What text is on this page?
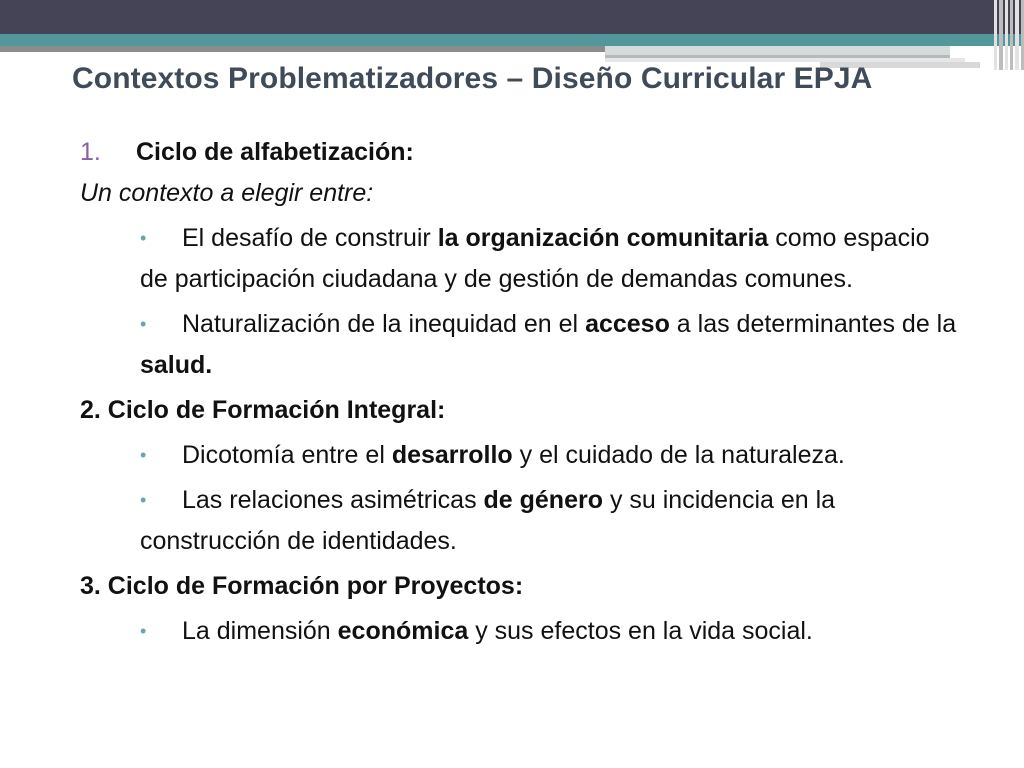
Contextos Problematizadores – Diseño Curricular EPJA

1. Ciclo de alfabetización:

Un contexto a elegir entre:

•	El desafío de construir la organización comunitaria como espacio de participación ciudadana y de gestión de demandas comunes.
•	Naturalización de la inequidad en el acceso a las determinantes de la salud.

2. Ciclo de Formación Integral:

•	Dicotomía entre el desarrollo y el cuidado de la naturaleza.
•	Las relaciones asimétricas de género y su incidencia en la construcción de identidades.

3. Ciclo de Formación por Proyectos:

•	La dimensión económica y sus efectos en la vida social.
